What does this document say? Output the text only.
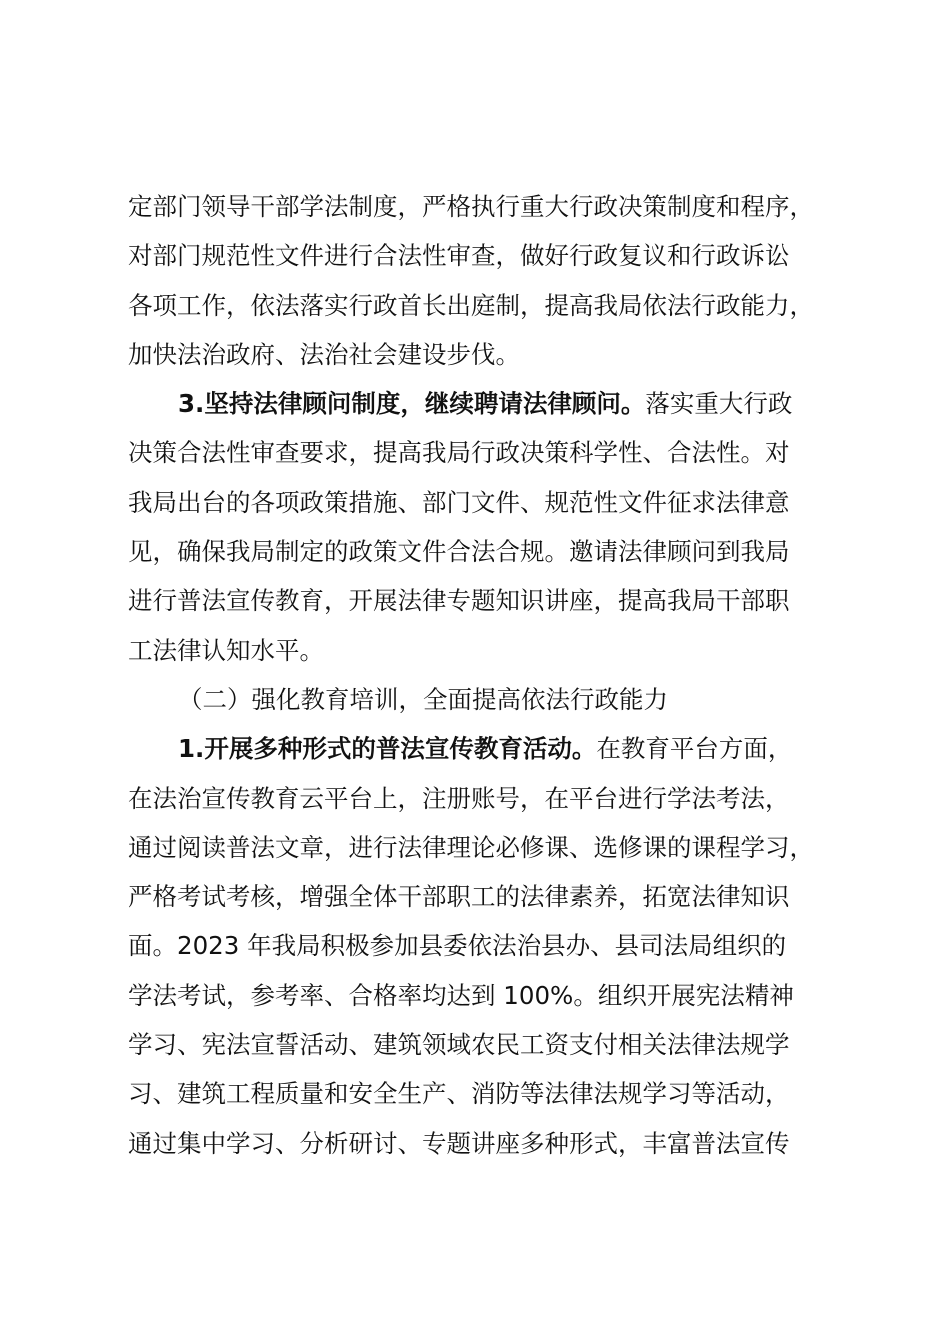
定部门领导干部学法制度，严格执行重大行政决策制度和程序，
对部门规范性文件进行合法性审查，做好行政复议和行政诉讼
各项工作，依法落实行政首长出庭制，提高我局依法行政能力，
加快法治政府、法治社会建设步伐。
3.坚持法律顾问制度，继续聘请法律顾问。落实重大行政
决策合法性审查要求，提高我局行政决策科学性、合法性。对
我局出台的各项政策措施、部门文件、规范性文件征求法律意
见，确保我局制定的政策文件合法合规。邀请法律顾问到我局
进行普法宣传教育，开展法律专题知识讲座，提高我局干部职
工法律认知水平。
（二）强化教育培训，全面提高依法行政能力
1.开展多种形式的普法宣传教育活动。在教育平台方面，
在法治宣传教育云平台上，注册账号，在平台进行学法考法，
通过阅读普法文章，进行法律理论必修课、选修课的课程学习，
严格考试考核，增强全体干部职工的法律素养，拓宽法律知识
面。2023 年我局积极参加县委依法治县办、县司法局组织的
学法考试，参考率、合格率均达到 100%。组织开展宪法精神
学习、宪法宣誓活动、建筑领域农民工资支付相关法律法规学
习、建筑工程质量和安全生产、消防等法律法规学习等活动，
通过集中学习、分析研讨、专题讲座多种形式，丰富普法宣传
